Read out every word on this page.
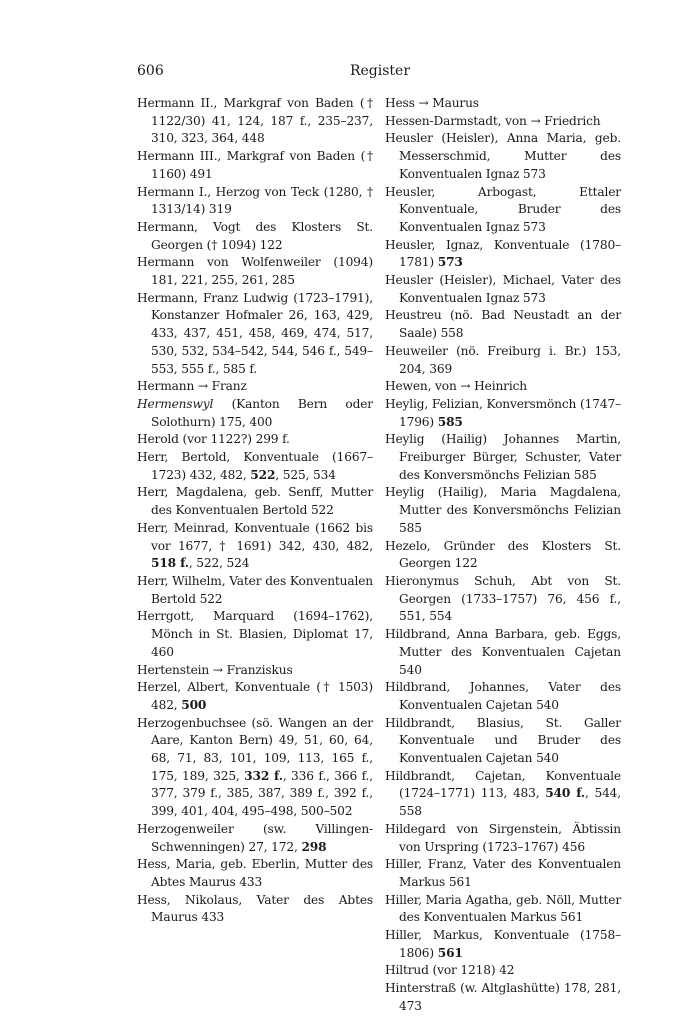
606	Register
Hermann II., Markgraf von Baden († 1122/30) 41, 124, 187 f., 235–237, 310, 323, 364, 448
Hermann III., Markgraf von Baden († 1160) 491
Hermann I., Herzog von Teck (1280, † 1313/14) 319
Hermann, Vogt des Klosters St. Georgen († 1094) 122
Hermann von Wolfenweiler (1094) 181, 221, 255, 261, 285
Hermann, Franz Ludwig (1723–1791), Konstanzer Hofmaler 26, 163, 429, 433, 437, 451, 458, 469, 474, 517, 530, 532, 534–542, 544, 546 f., 549–553, 555 f., 585 f.
Hermann → Franz
Hermenswyl (Kanton Bern oder Solothurn) 175, 400
Herold (vor 1122?) 299 f.
Herr, Bertold, Konventuale (1667–1723) 432, 482, 522, 525, 534
Herr, Magdalena, geb. Senff, Mutter des Konventualen Bertold 522
Herr, Meinrad, Konventuale (1662 bis vor 1677, † 1691) 342, 430, 482, 518 f., 522, 524
Herr, Wilhelm, Vater des Konventualen Bertold 522
Herrgott, Marquard (1694–1762), Mönch in St. Blasien, Diplomat 17, 460
Hertenstein → Franziskus
Herzel, Albert, Konventuale († 1503) 482, 500
Herzogenbuchsee (sö. Wangen an der Aare, Kanton Bern) 49, 51, 60, 64, 68, 71, 83, 101, 109, 113, 165 f., 175, 189, 325, 332 f., 336 f., 366 f., 377, 379 f., 385, 387, 389 f., 392 f., 399, 401, 404, 495–498, 500–502
Herzogenweiler (sw. Villingen-Schwenningen) 27, 172, 298
Hess, Maria, geb. Eberlin, Mutter des Abtes Maurus 433
Hess, Nikolaus, Vater des Abtes Maurus 433
Hess → Maurus
Hessen-Darmstadt, von → Friedrich
Heusler (Heisler), Anna Maria, geb. Messerschmid, Mutter des Konventualen Ignaz 573
Heusler, Arbogast, Ettaler Konventuale, Bruder des Konventualen Ignaz 573
Heusler, Ignaz, Konventuale (1780–1781) 573
Heusler (Heisler), Michael, Vater des Konventualen Ignaz 573
Heustreu (nö. Bad Neustadt an der Saale) 558
Heuweiler (nö. Freiburg i. Br.) 153, 204, 369
Hewen, von → Heinrich
Heylig, Felizian, Konversmönch (1747–1796) 585
Heylig (Hailig) Johannes Martin, Freiburger Bürger, Schuster, Vater des Konversmönchs Felizian 585
Heylig (Hailig), Maria Magdalena, Mutter des Konversmönchs Felizian 585
Hezelo, Gründer des Klosters St. Georgen 122
Hieronymus Schuh, Abt von St. Georgen (1733–1757) 76, 456 f., 551, 554
Hildbrand, Anna Barbara, geb. Eggs, Mutter des Konventualen Cajetan 540
Hildbrand, Johannes, Vater des Konventualen Cajetan 540
Hildbrandt, Blasius, St. Galler Konventuale und Bruder des Konventualen Cajetan 540
Hildbrandt, Cajetan, Konventuale (1724–1771) 113, 483, 540 f., 544, 558
Hildegard von Sirgenstein, Äbtissin von Urspring (1723–1767) 456
Hiller, Franz, Vater des Konventualen Markus 561
Hiller, Maria Agatha, geb. Nöll, Mutter des Konventualen Markus 561
Hiller, Markus, Konventuale (1758–1806) 561
Hiltrud (vor 1218) 42
Hinterstraß (w. Altglashütte) 178, 281, 473
